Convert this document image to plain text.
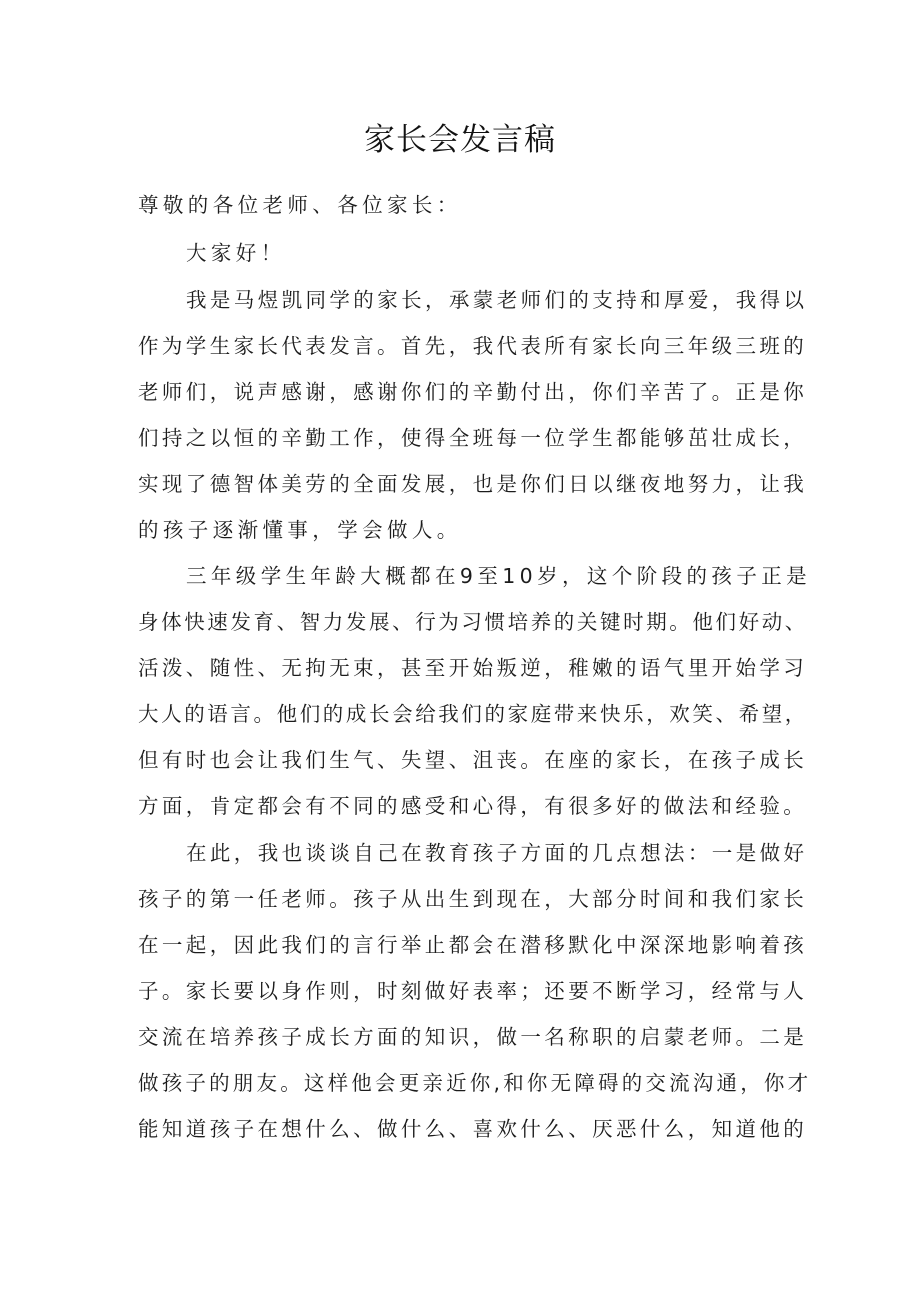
家长会发言稿
尊敬的各位老师、各位家长：
大家好！
我是马煜凯同学的家长，承蒙老师们的支持和厚爱，我得以
作为学生家长代表发言。首先，我代表所有家长向三年级三班的
老师们，说声感谢，感谢你们的辛勤付出，你们辛苦了。正是你
们持之以恒的辛勤工作，使得全班每一位学生都能够茁壮成长，
实现了德智体美劳的全面发展，也是你们日以继夜地努力，让我
的孩子逐渐懂事，学会做人。
三年级学生年龄大概都在9至10岁，这个阶段的孩子正是
身体快速发育、智力发展、行为习惯培养的关键时期。他们好动、
活泼、随性、无拘无束，甚至开始叛逆，稚嫩的语气里开始学习
大人的语言。他们的成长会给我们的家庭带来快乐，欢笑、希望，
但有时也会让我们生气、失望、沮丧。在座的家长，在孩子成长
方面，肯定都会有不同的感受和心得，有很多好的做法和经验。
在此，我也谈谈自己在教育孩子方面的几点想法：一是做好
孩子的第一任老师。孩子从出生到现在，大部分时间和我们家长
在一起，因此我们的言行举止都会在潜移默化中深深地影响着孩
子。家长要以身作则，时刻做好表率；还要不断学习，经常与人
交流在培养孩子成长方面的知识，做一名称职的启蒙老师。二是
做孩子的朋友。这样他会更亲近你,和你无障碍的交流沟通，你才
能知道孩子在想什么、做什么、喜欢什么、厌恶什么，知道他的
